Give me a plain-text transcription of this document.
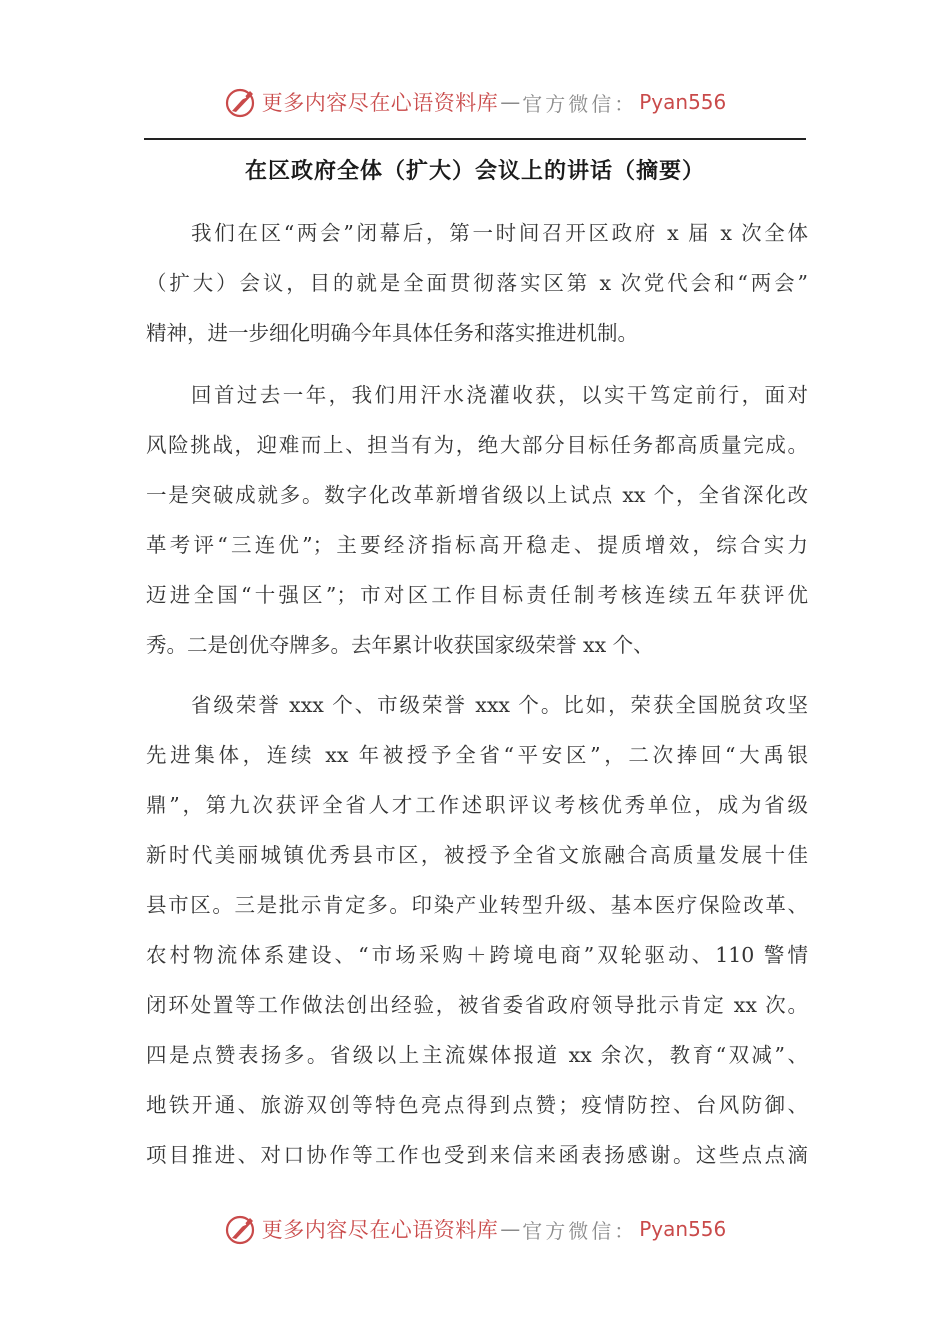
更多内容尽在心语资料库 — 官方微信： Pyan556
在区政府全体（扩大）会议上的讲话（摘要）
我们在区“两会”闭幕后，第一时间召开区政府 x 届 x 次全体
（扩大）会议，目的就是全面贯彻落实区第 x 次党代会和“两会”
精神，进一步细化明确今年具体任务和落实推进机制。
回首过去一年，我们用汗水浇灌收获，以实干笃定前行，面对
风险挑战，迎难而上、担当有为，绝大部分目标任务都高质量完成。
一是突破成就多。数字化改革新增省级以上试点 xx 个，全省深化改
革考评“三连优”；主要经济指标高开稳走、提质增效，综合实力
迈进全国“十强区”；市对区工作目标责任制考核连续五年获评优
秀。二是创优夺牌多。去年累计收获国家级荣誉 xx 个、
省级荣誉 xxx 个、市级荣誉 xxx 个。比如，荣获全国脱贫攻坚
先进集体，连续 xx 年被授予全省“平安区”，二次捧回“大禹银
鼎”，第九次获评全省人才工作述职评议考核优秀单位，成为省级
新时代美丽城镇优秀县市区，被授予全省文旅融合高质量发展十佳
县市区。三是批示肯定多。印染产业转型升级、基本医疗保险改革、
农村物流体系建设、“市场采购＋跨境电商”双轮驱动、110 警情
闭环处置等工作做法创出经验，被省委省政府领导批示肯定 xx 次。
四是点赞表扬多。省级以上主流媒体报道 xx 余次，教育“双减”、
地铁开通、旅游双创等特色亮点得到点赞；疫情防控、台风防御、
项目推进、对口协作等工作也受到来信来函表扬感谢。这些点点滴
更多内容尽在心语资料库 — 官方微信： Pyan556
